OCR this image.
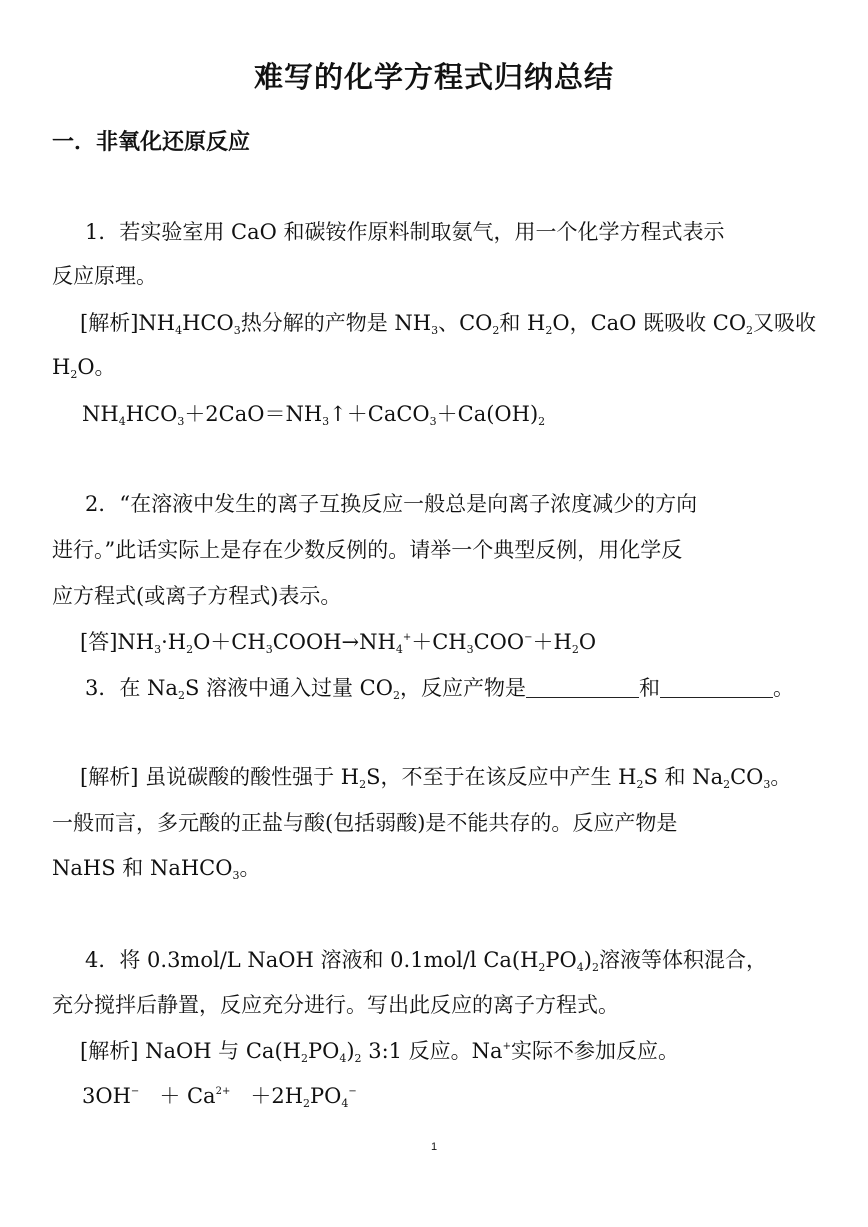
难写的化学方程式归纳总结
一．非氧化还原反应
1．若实验室用 CaO 和碳铵作原料制取氨气，用一个化学方程式表示
反应原理。
[解析]$NH_4HCO_3$热分解的产物是 $NH_3$、$CO_2$和 $H_2O$，CaO 既吸收 $CO_2$又吸收
$H_2O$。
$NH_4HCO_3+2CaO=NH_3↑+CaCO_3+Ca(OH)_2$
2．“在溶液中发生的离子互换反应一般总是向离子浓度减少的方向
进行。”此话实际上是存在少数反例的。请举一个典型反例，用化学反
应方程式(或离子方程式)表示。
[答]$NH_3\cdot H_2O+CH_3COOH\to NH_4^++CH_3COO^-+H_2O$
3．在 $Na_2S$ 溶液中通入过量 $CO_2$，反应产物是	和	。
[解析] 虽说碳酸的酸性强于 $H_2S$，不至于在该反应中产生 $H_2S$ 和 $Na_2CO_3$。
一般而言，多元酸的正盐与酸(包括弱酸)是不能共存的。反应产物是
NaHS 和 NaHCO$_3$。
4．将 0.3mol/L NaOH 溶液和 0.1mol/l $Ca(H_2PO_4)_2$溶液等体积混合，
充分搅拌后静置，反应充分进行。写出此反应的离子方程式。
[解析] NaOH 与 $Ca(H_2PO_4)_2$ 3:1 反应。Na+实际不参加反应。
$3OH^- + Ca^{2+} +2H_2PO_4^-$
1
